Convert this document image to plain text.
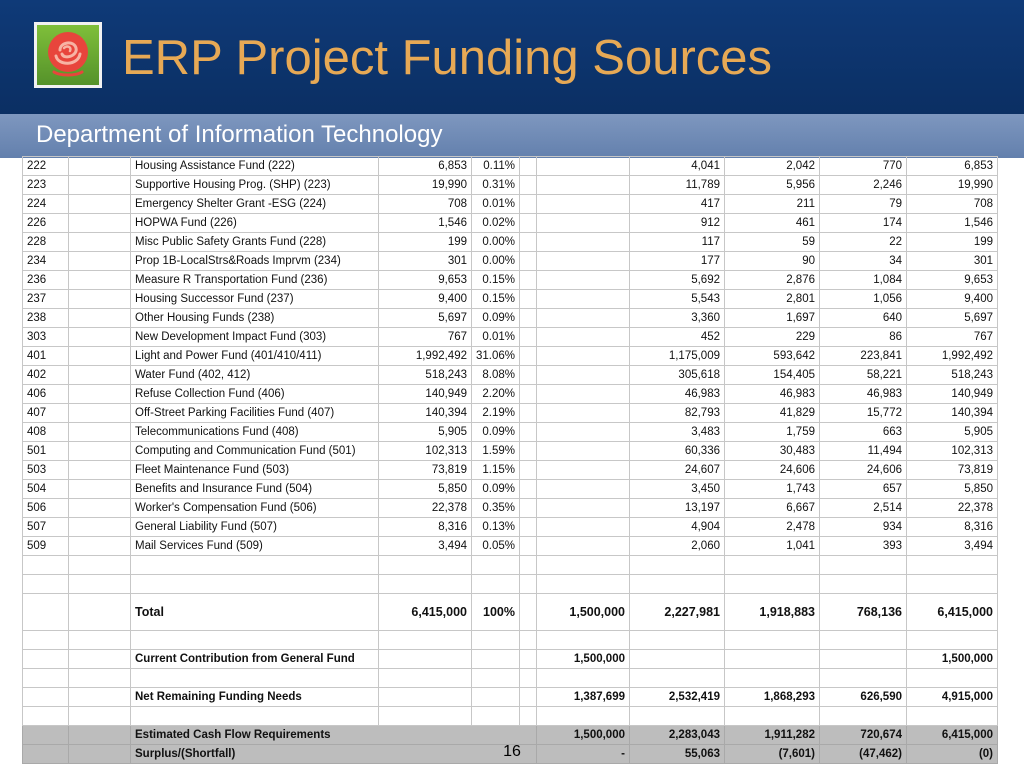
ERP Project Funding Sources
Department of Information Technology
222		Housing Assistance Fund (222)	6,853	0.11%			4,041	2,042	770	6,853
223		Supportive Housing Prog. (SHP) (223)	19,990	0.31%			11,789	5,956	2,246	19,990
224		Emergency Shelter Grant -ESG (224)	708	0.01%			417	211	79	708
226		HOPWA Fund (226)	1,546	0.02%			912	461	174	1,546
228		Misc Public Safety Grants Fund (228)	199	0.00%			117	59	22	199
234		Prop 1B-LocalStrs&Roads Imprvm (234)	301	0.00%			177	90	34	301
236		Measure R Transportation Fund (236)	9,653	0.15%			5,692	2,876	1,084	9,653
237		Housing Successor Fund (237)	9,400	0.15%			5,543	2,801	1,056	9,400
238		Other Housing Funds (238)	5,697	0.09%			3,360	1,697	640	5,697
303		New Development Impact Fund (303)	767	0.01%			452	229	86	767
401		Light and Power Fund (401/410/411)	1,992,492	31.06%			1,175,009	593,642	223,841	1,992,492
402		Water Fund (402, 412)	518,243	8.08%			305,618	154,405	58,221	518,243
406		Refuse Collection Fund (406)	140,949	2.20%			46,983	46,983	46,983	140,949
407		Off-Street Parking Facilities Fund (407)	140,394	2.19%			82,793	41,829	15,772	140,394
408		Telecommunications Fund (408)	5,905	0.09%			3,483	1,759	663	5,905
501		Computing and Communication Fund (501)	102,313	1.59%			60,336	30,483	11,494	102,313
503		Fleet Maintenance Fund (503)	73,819	1.15%			24,607	24,606	24,606	73,819
504		Benefits and Insurance Fund (504)	5,850	0.09%			3,450	1,743	657	5,850
506		Worker's Compensation Fund (506)	22,378	0.35%			13,197	6,667	2,514	22,378
507		General Liability Fund (507)	8,316	0.13%			4,904	2,478	934	8,316
509		Mail Services Fund (509)	3,494	0.05%			2,060	1,041	393	3,494

		Total	6,415,000	100%		1,500,000	2,227,981	1,918,883	768,136	6,415,000

		Current Contribution from General Fund				1,500,000				1,500,000

		Net Remaining Funding Needs				1,387,699	2,532,419	1,868,293	626,590	4,915,000

		Estimated Cash Flow Requirements				1,500,000	2,283,043	1,911,282	720,674	6,415,000
		Surplus/(Shortfall)				-	55,063	(7,601)	(47,462)	(0)
16
